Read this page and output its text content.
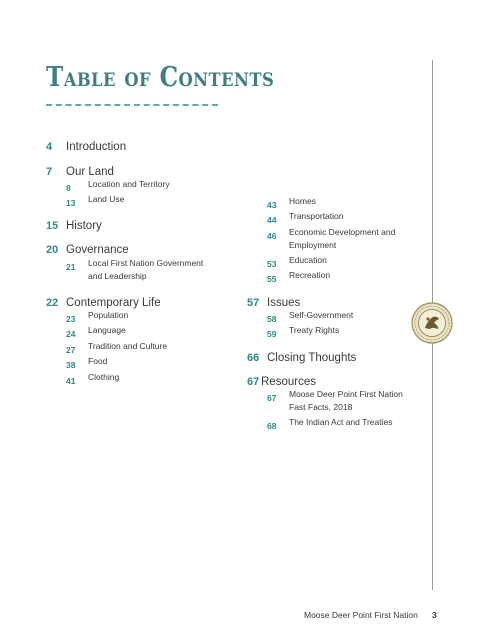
Table of Contents
4 Introduction
7 Our Land
8 Location and Territory
13 Land Use
15 History
20 Governance
21 Local First Nation Government
and Leadership
22 Contemporary Life
23 Population
24 Language
27 Tradition and Culture
38 Food
41 Clothing
43 Homes
44 Transportation
46 Economic Development and
Employment
53 Education
55 Recreation
57 Issues
58 Self-Government
59 Treaty Rights
66 Closing Thoughts
67 Resources
67 Moose Deer Point First Nation
Fast Facts, 2018
68 The Indian Act and Treaties
Moose Deer Point First Nation 3
